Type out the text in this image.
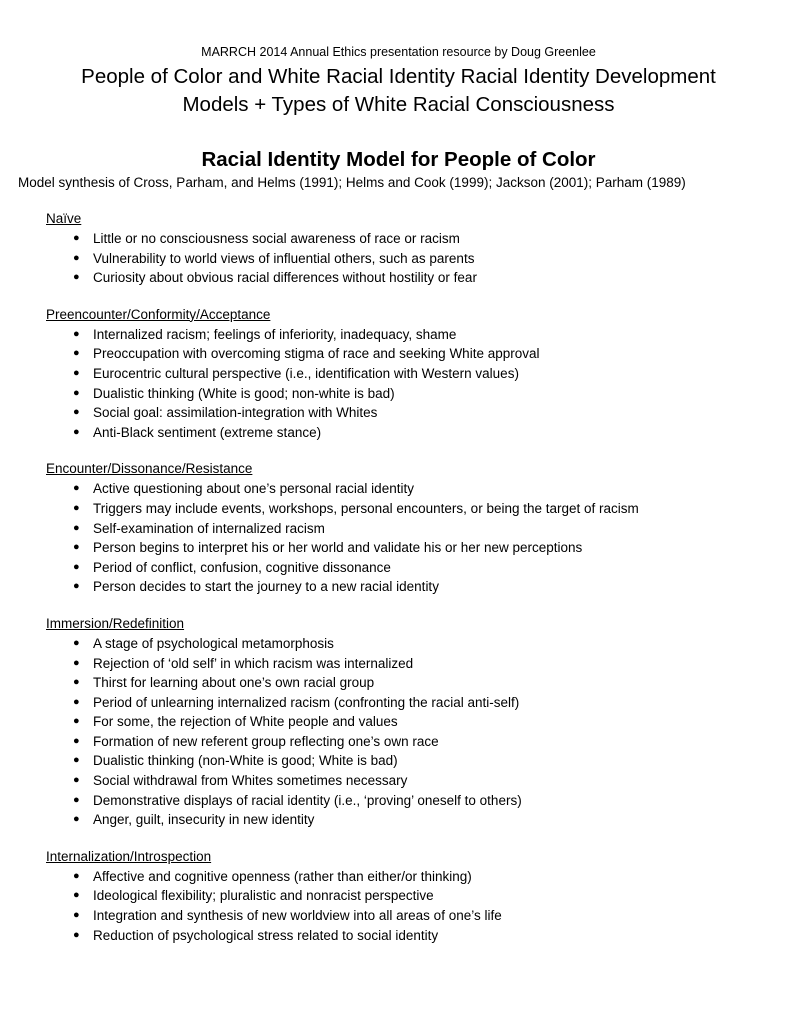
MARRCH 2014 Annual Ethics presentation resource by Doug Greenlee

People of Color and White Racial Identity Racial Identity Development
Models + Types of White Racial Consciousness
Racial Identity Model for People of Color

Model synthesis of Cross, Parham, and Helms (1991); Helms and Cook (1999); Jackson (2001); Parham (1989)

Naïve

● Little or no consciousness social awareness of race or racism
● Vulnerability to world views of influential others, such as parents
● Curiosity about obvious racial differences without hostility or fear

Preencounter/Conformity/Acceptance

● Internalized racism; feelings of inferiority, inadequacy, shame
● Preoccupation with overcoming stigma of race and seeking White approval
● Eurocentric cultural perspective (i.e., identification with Western values)
● Dualistic thinking (White is good; non-white is bad)
● Social goal: assimilation-integration with Whites
● Anti-Black sentiment (extreme stance)

Encounter/Dissonance/Resistance

● Active questioning about one’s personal racial identity
● Triggers may include events, workshops, personal encounters, or being the target of racism
● Self-examination of internalized racism
● Person begins to interpret his or her world and validate his or her new perceptions
● Period of conflict, confusion, cognitive dissonance
● Person decides to start the journey to a new racial identity

Immersion/Redefinition

● A stage of psychological metamorphosis
● Rejection of ‘old self’ in which racism was internalized
● Thirst for learning about one’s own racial group
● Period of unlearning internalized racism (confronting the racial anti-self)
● For some, the rejection of White people and values
● Formation of new referent group reflecting one’s own race
● Dualistic thinking (non-White is good; White is bad)
● Social withdrawal from Whites sometimes necessary
● Demonstrative displays of racial identity (i.e., ‘proving’ oneself to others)
● Anger, guilt, insecurity in new identity

Internalization/Introspection

● Affective and cognitive openness (rather than either/or thinking)
● Ideological flexibility; pluralistic and nonracist perspective
● Integration and synthesis of new worldview into all areas of one’s life
● Reduction of psychological stress related to social identity
